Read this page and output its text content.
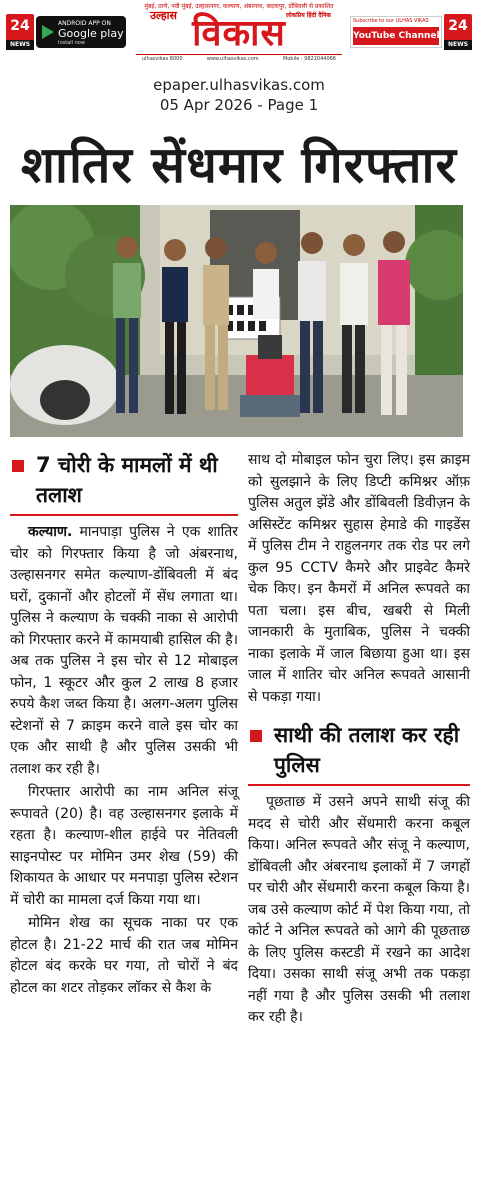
24
NEWS
ANDROID APP ON
Google play
Install now
मुंबई, ठाणे, नवी मुंबई, उल्हासनगर, कल्याण, अंबरनाथ, बदलापुर, डोंबिवली से प्रकाशित
उल्हास	लोकप्रिय हिंदी दैनिक
विकास
ulhasvikas 8000	www.ulhasvikas.com	Mobile : 9822044066
Subscribe to our ULHAS VIKAS
YouTube Channel
24
NEWS
epaper.ulhasvikas.com
05 Apr 2026 - Page 1
शातिर सेंधमार गिरफ्तार
7 चोरी के मामलों में थी तलाश

कल्याण. मानपाड़ा पुलिस ने एक शातिर चोर को गिरफ्तार किया है जो अंबरनाथ, उल्हासनगर समेत कल्याण-डोंबिवली में बंद घरों, दुकानों और होटलों में सेंध लगाता था। पुलिस ने कल्याण के चक्की नाका से आरोपी को गिरफ्तार करने में कामयाबी हासिल की है। अब तक पुलिस ने इस चोर से 12 मोबाइल फोन, 1 स्कूटर और कुल 2 लाख 8 हजार रुपये कैश जब्त किया है। अलग-अलग पुलिस स्टेशनों से 7 क्राइम करने वाले इस चोर का एक और साथी है और पुलिस उसकी भी तलाश कर रही है।

गिरफ्तार आरोपी का नाम अनिल संजू रूपावते (20) है। वह उल्हासनगर इलाके में रहता है। कल्याण-शील हाईवे पर नेतिवली साइनपोस्ट पर मोमिन उमर शेख (59) की शिकायत के आधार पर मनपाड़ा पुलिस स्टेशन में चोरी का मामला दर्ज किया गया था।

मोमिन शेख का सूचक नाका पर एक होटल है। 21-22 मार्च की रात जब मोमिन होटल बंद करके घर गया, तो चोरों ने बंद होटल का शटर तोड़कर लॉकर से कैश के

साथ दो मोबाइल फोन चुरा लिए। इस क्राइम को सुलझाने के लिए डिप्टी कमिश्नर ऑफ़ पुलिस अतुल झेंडे और डोंबिवली डिवीज़न के असिस्टेंट कमिश्नर सुहास हेमाडे की गाइडेंस में पुलिस टीम ने राहुलनगर तक रोड पर लगे कुल 95 CCTV कैमरे और प्राइवेट कैमरे चेक किए। इन कैमरों में अनिल रूपवते का पता चला। इस बीच, खबरी से मिली जानकारी के मुताबिक, पुलिस ने चक्की नाका इलाके में जाल बिछाया हुआ था। इस जाल में शातिर चोर अनिल रूपवते आसानी से पकड़ा गया।

साथी की तलाश कर रही पुलिस

पूछताछ में उसने अपने साथी संजू की मदद से चोरी और सेंधमारी करना कबूल किया। अनिल रूपवते और संजू ने कल्याण, डोंबिवली और अंबरनाथ इलाकों में 7 जगहों पर चोरी और सेंधमारी करना कबूल किया है। जब उसे कल्याण कोर्ट में पेश किया गया, तो कोर्ट ने अनिल रूपवते को आगे की पूछताछ के लिए पुलिस कस्टडी में रखने का आदेश दिया। उसका साथी संजू अभी तक पकड़ा नहीं गया है और पुलिस उसकी भी तलाश कर रही है।
